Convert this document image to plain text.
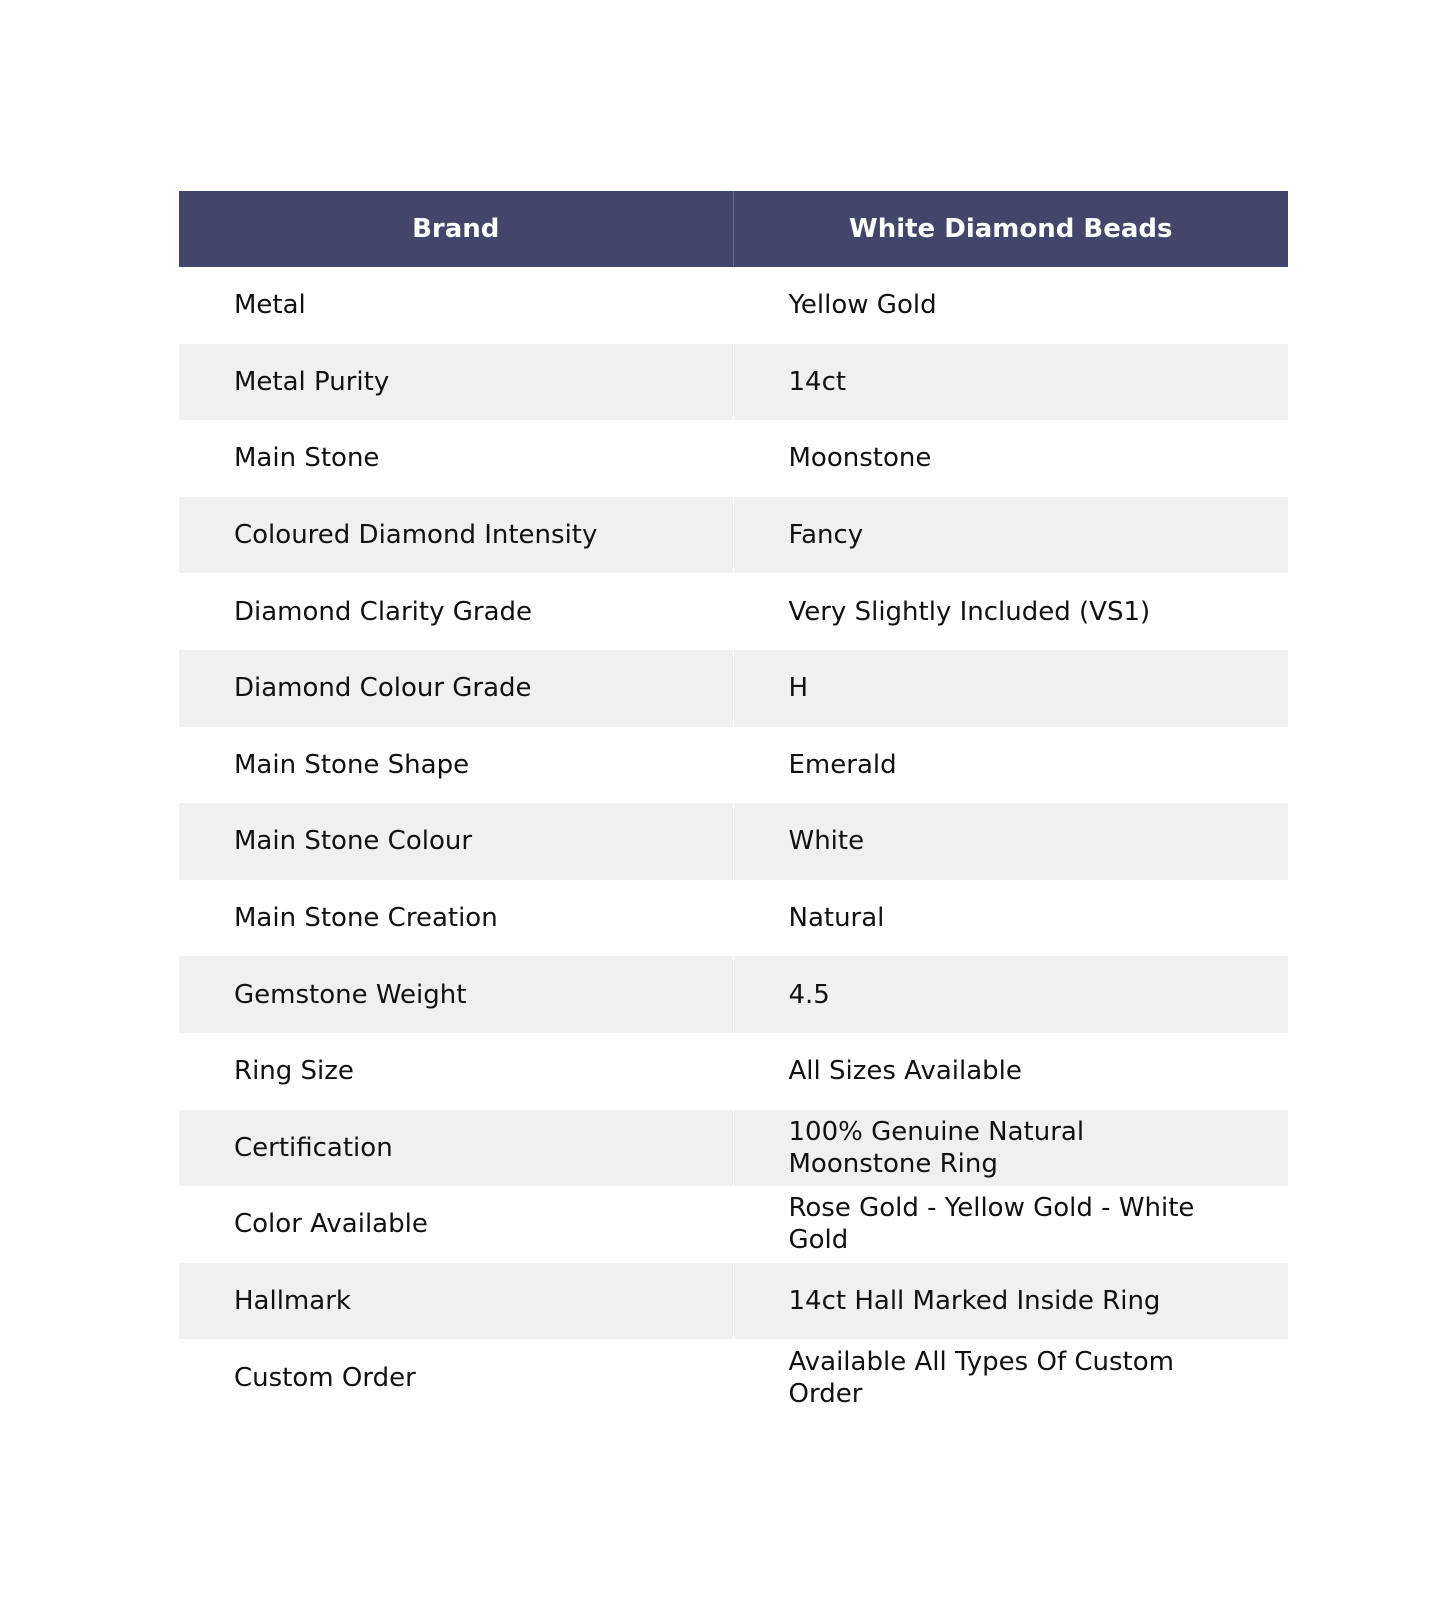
Brand	White Diamond Beads
Metal	Yellow Gold
Metal Purity	14ct
Main Stone	Moonstone
Coloured Diamond Intensity	Fancy
Diamond Clarity Grade	Very Slightly Included (VS1)
Diamond Colour Grade	H
Main Stone Shape	Emerald
Main Stone Colour	White
Main Stone Creation	Natural
Gemstone Weight	4.5
Ring Size	All Sizes Available
Certification	100% Genuine Natural Moonstone Ring
Color Available	Rose Gold - Yellow Gold - White Gold
Hallmark	14ct Hall Marked Inside Ring
Custom Order	Available All Types Of Custom Order
